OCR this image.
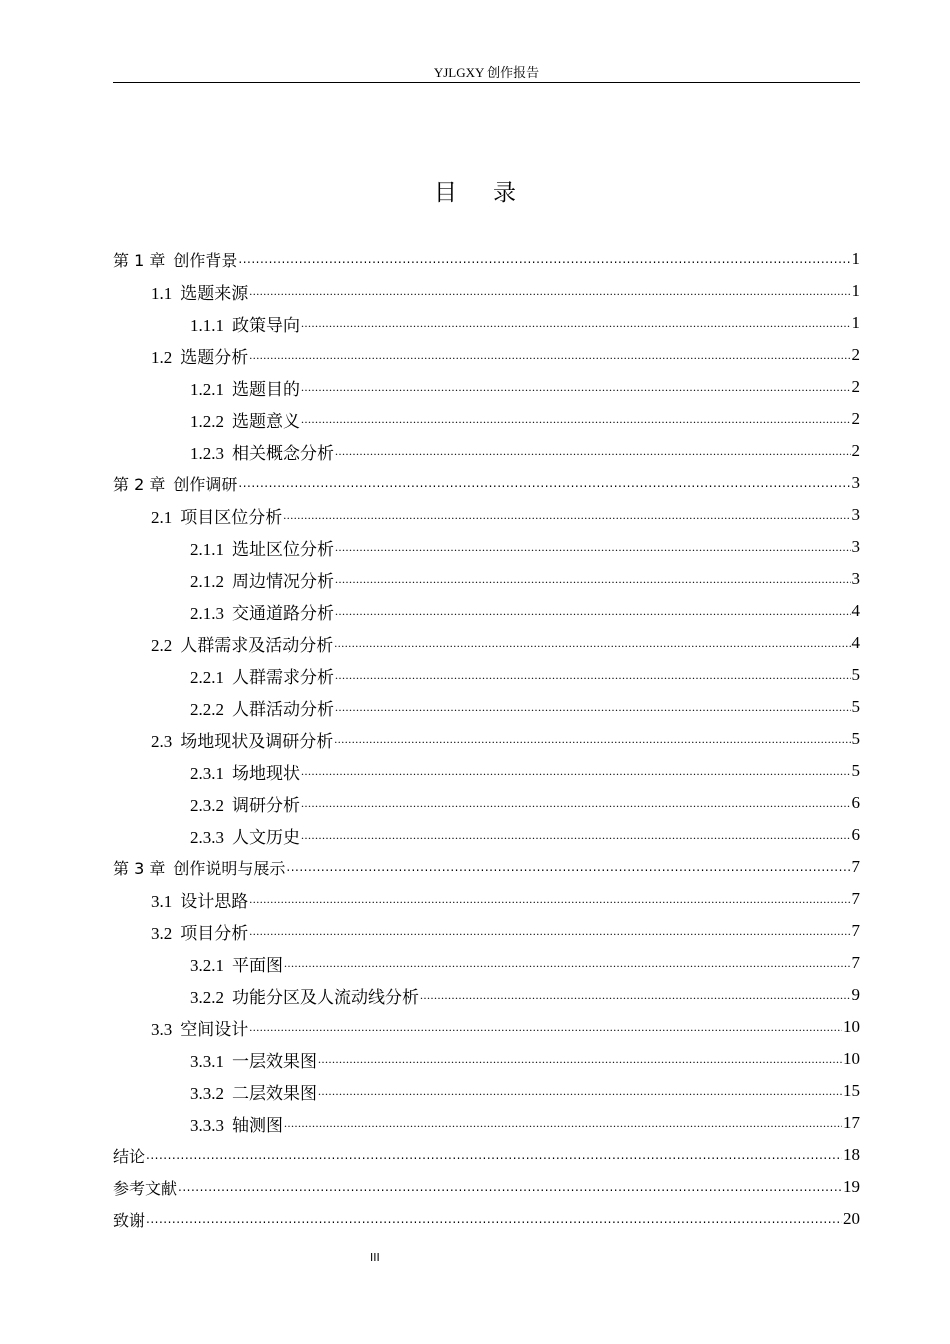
YJLGXY 创作报告
目录
第 1 章 创作背景 .....	1
1.1 选题来源 .....	1
1.1.1 政策导向 .....	1
1.2 选题分析 .....	2
1.2.1 选题目的 .....	2
1.2.2 选题意义 .....	2
1.2.3 相关概念分析 .....	2
第 2 章 创作调研 .....	3
2.1 项目区位分析 .....	3
2.1.1 选址区位分析 .....	3
2.1.2 周边情况分析 .....	3
2.1.3 交通道路分析 .....	4
2.2 人群需求及活动分析 .....	4
2.2.1 人群需求分析 .....	5
2.2.2 人群活动分析 .....	5
2.3 场地现状及调研分析 .....	5
2.3.1 场地现状 .....	5
2.3.2 调研分析 .....	6
2.3.3 人文历史 .....	6
第 3 章 创作说明与展示 .....	7
3.1 设计思路 .....	7
3.2 项目分析 .....	7
3.2.1 平面图 .....	7
3.2.2 功能分区及人流动线分析 .....	9
3.3 空间设计 .....	10
3.3.1 一层效果图 .....	10
3.3.2 二层效果图 .....	15
3.3.3 轴测图 .....	17
结论 .....	18
参考文献 .....	19
致谢 .....	20
III
